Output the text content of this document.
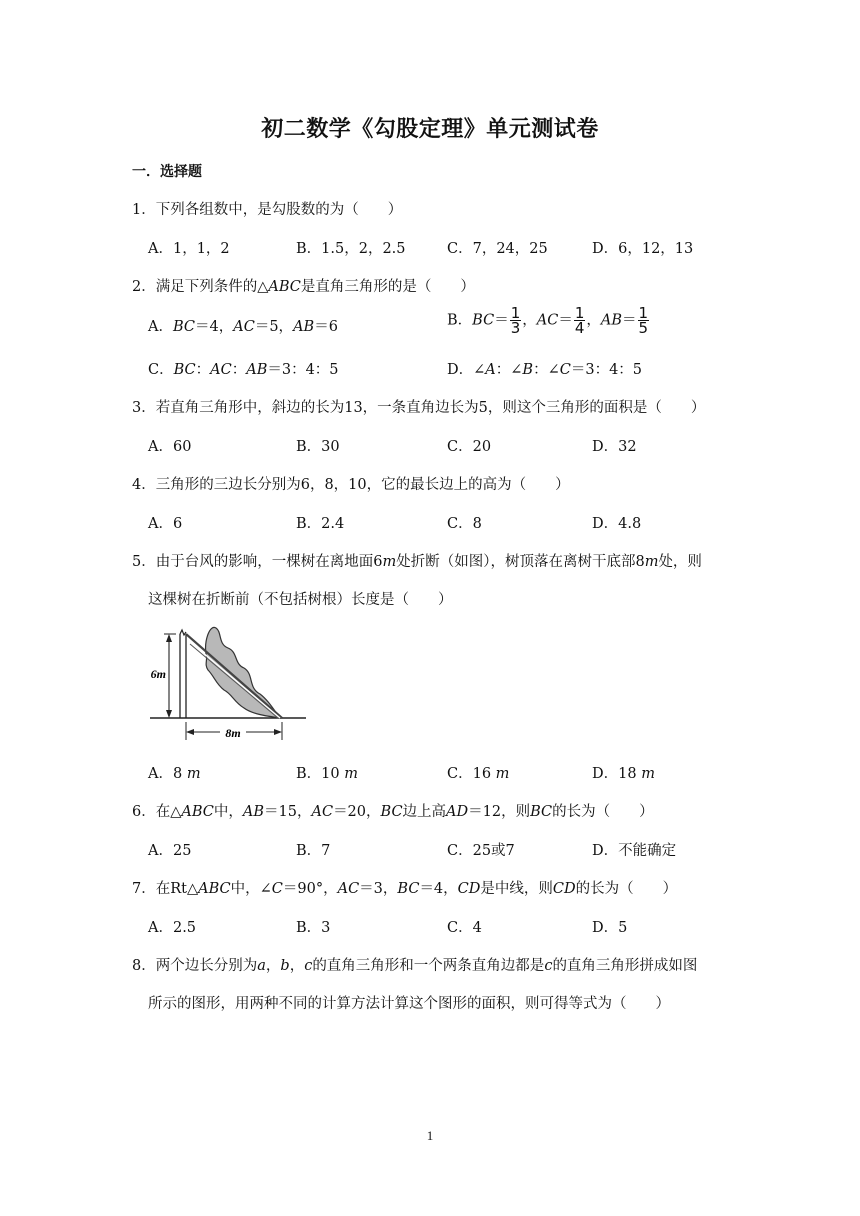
初二数学《勾股定理》单元测试卷
一．选择题
1．下列各组数中，是勾股数的为（　　）
A．1，1，2	B．1.5，2，2.5	C．7，24，25	D．6，12，13
2．满足下列条件的△ABC是直角三角形的是（　　）
A．BC＝4，AC＝5，AB＝6	B．$BC= \frac{1}{3}$ ，$AC= \frac{1}{4}$ ，$AB= \frac{1}{5}$
C．BC：AC：AB＝3：4：5	D．∠A：∠B：∠C＝3：4：5
3．若直角三角形中，斜边的长为13，一条直角边长为5，则这个三角形的面积是（　　）
A．60	B．30	C．20	D．32
4．三角形的三边长分别为6，8，10，它的最长边上的高为（　　）
A．6	B．2.4	C．8	D．4.8
5．由于台风的影响，一棵树在离地面6m处折断（如图），树顶落在离树干底部8m处，则
这棵树在折断前（不包括树根）长度是（　　）
6m
8m
A．8 m	B．10 m	C．16 m	D．18 m
6．在△ABC中，AB＝15，AC＝20，BC边上高AD＝12，则BC的长为（　　）
A．25	B．7	C．25或7	D．不能确定
7．在Rt△ABC中，∠C＝90°，AC＝3，BC＝4，CD是中线，则CD的长为（　　）
A．2.5	B．3	C．4	D．5
8．两个边长分别为a，b，c的直角三角形和一个两条直角边都是c的直角三角形拼成如图
所示的图形，用两种不同的计算方法计算这个图形的面积，则可得等式为（　　）
1
